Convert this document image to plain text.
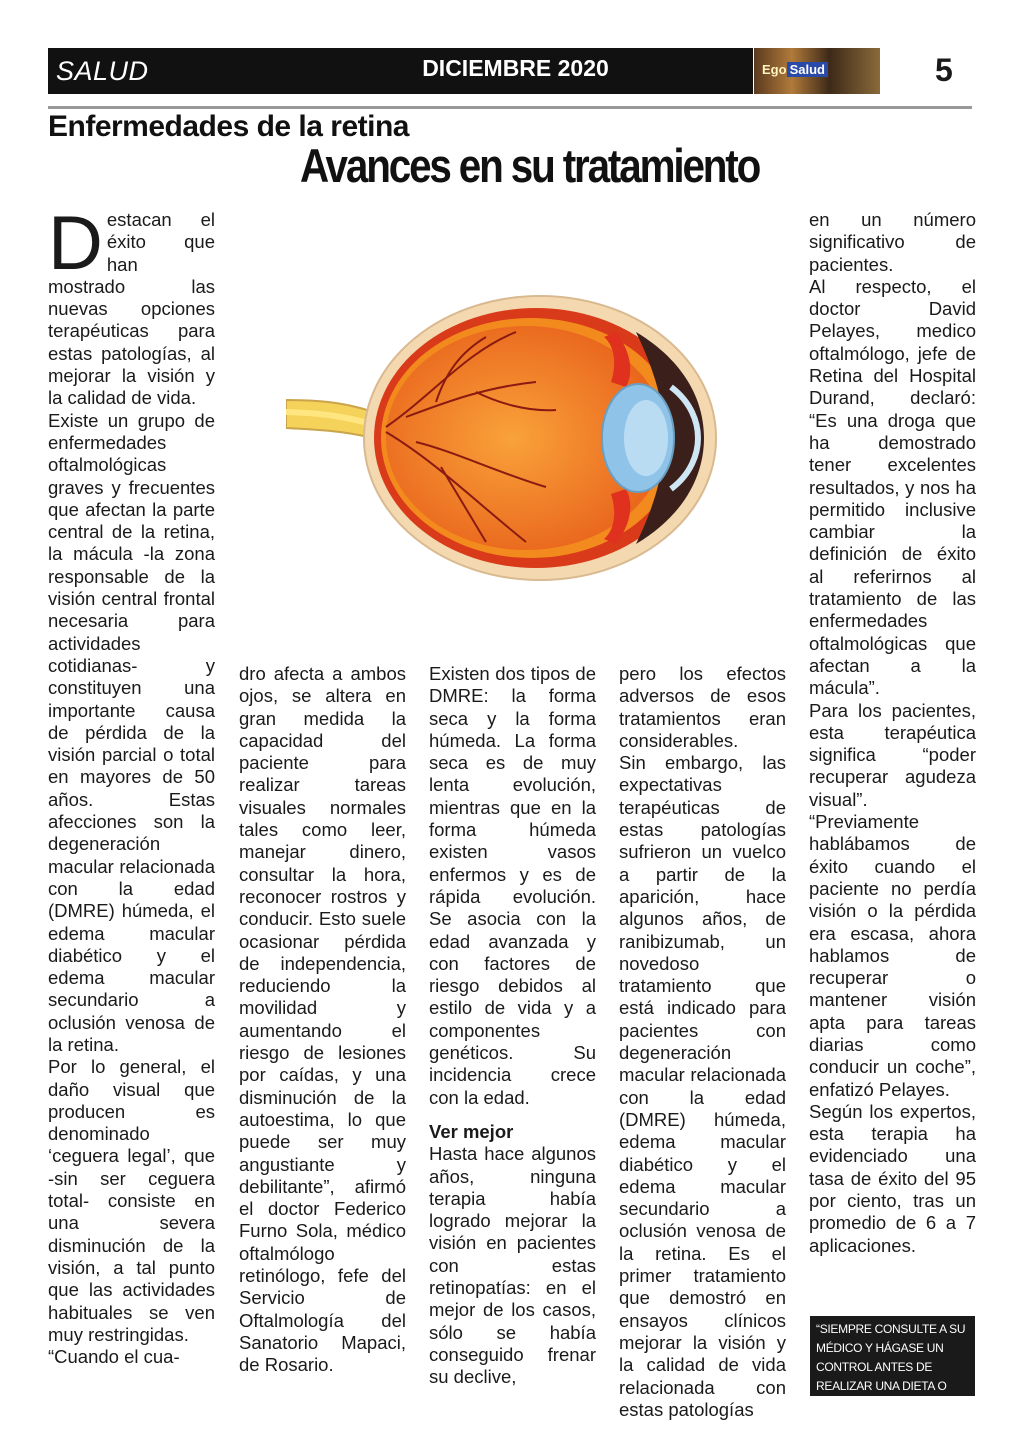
SALUD	DICIEMBRE 2020	Ego Salud	5
Enfermedades de la retina
Avances en su tratamiento

Destacan el éxito que han mostrado las nuevas opciones terapéuticas para estas patologías, al mejorar la visión y la calidad de vida.

Existe un grupo de enfermedades oftalmológicas graves y frecuentes que afectan la parte central de la retina, la mácula -la zona responsable de la visión central frontal necesaria para actividades cotidianas- y constituyen una importante causa de pérdida de la visión parcial o total en mayores de 50 años. Estas afecciones son la degeneración macular relacionada con la edad (DMRE) húmeda, el edema macular diabético y el edema macular secundario a oclusión venosa de la retina.

Por lo general, el daño visual que producen es denominado ‘ceguera legal’, que -sin ser ceguera total- consiste en una severa disminución de la visión, a tal punto que las actividades habituales se ven muy restringidas.

“Cuando el cua-

dro afecta a ambos ojos, se altera en gran medida la capacidad del paciente para realizar tareas visuales normales tales como leer, manejar dinero, consultar la hora, reconocer rostros y conducir. Esto suele ocasionar pérdida de independencia, reduciendo la movilidad y aumentando el riesgo de lesiones por caídas, y una disminución de la autoestima, lo que puede ser muy angustiante y debilitante”, afirmó el doctor Federico Furno Sola, médico oftalmólogo retinólogo, fefe del Servicio de Oftalmología del Sanatorio Mapaci, de Rosario.

Existen dos tipos de DMRE: la forma seca y la forma húmeda. La forma seca es de muy lenta evolución, mientras que en la forma húmeda existen vasos enfermos y es de rápida evolución. Se asocia con la edad avanzada y con factores de riesgo debidos al estilo de vida y a componentes genéticos. Su incidencia crece con la edad.

Ver mejor

Hasta hace algunos años, ninguna terapia había logrado mejorar la visión en pacientes con estas retinopatías: en el mejor de los casos, sólo se había conseguido frenar su declive,

pero los efectos adversos de esos tratamientos eran considerables.

Sin embargo, las expectativas terapéuticas de estas patologías sufrieron un vuelco a partir de la aparición, hace algunos años, de ranibizumab, un novedoso tratamiento que está indicado para pacientes con degeneración macular relacionada con la edad (DMRE) húmeda, edema macular diabético y el edema macular secundario a oclusión venosa de la retina. Es el primer tratamiento que demostró en ensayos clínicos mejorar la visión y la calidad de vida relacionada con estas patologías

en un número significativo de pacientes.

Al respecto, el doctor David Pelayes, medico oftalmólogo, jefe de Retina del Hospital Durand, declaró: “Es una droga que ha demostrado tener excelentes resultados, y nos ha permitido inclusive cambiar la definición de éxito al referirnos al tratamiento de las enfermedades oftalmológicas que afectan a la mácula”.

Para los pacientes, esta terapéutica significa “poder recuperar agudeza visual”. “Previamente hablábamos de éxito cuando el paciente no perdía visión o la pérdida era escasa, ahora hablamos de recuperar o mantener visión apta para tareas diarias como conducir un coche”, enfatizó Pelayes.

Según los expertos, esta terapia ha evidenciado una tasa de éxito del 95 por ciento, tras un promedio de 6 a 7 aplicaciones.

“SIEMPRE CONSULTE A SU MÉDICO Y HÁGASE UN CONTROL ANTES DE REALIZAR UNA DIETA O ACTIVIDAD FÍSICA”
